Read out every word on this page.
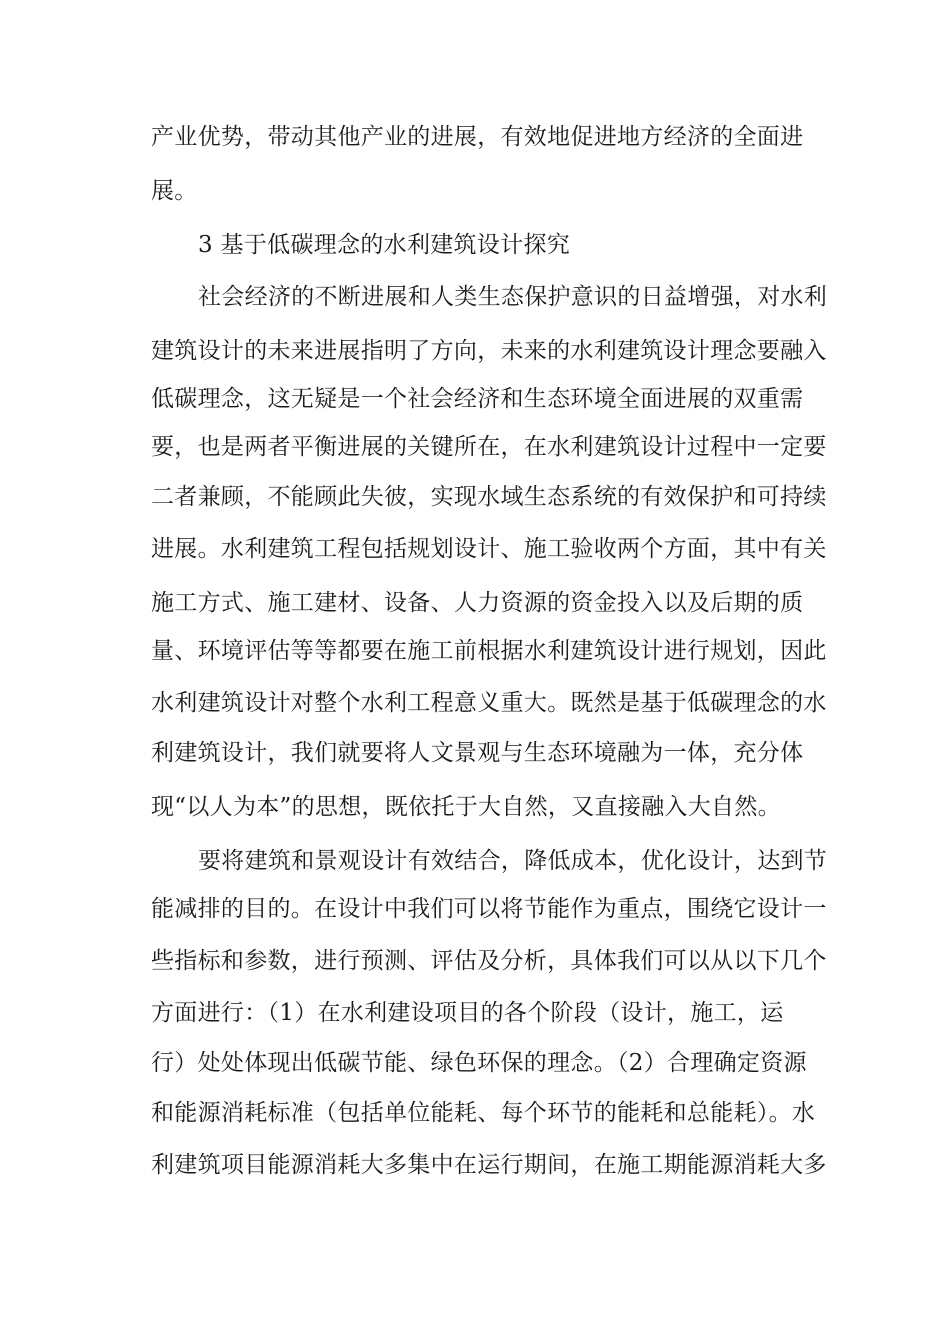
产业优势，带动其他产业的进展，有效地促进地方经济的全面进
展。
3 基于低碳理念的水利建筑设计探究
社会经济的不断进展和人类生态保护意识的日益增强，对水利
建筑设计的未来进展指明了方向，未来的水利建筑设计理念要融入
低碳理念，这无疑是一个社会经济和生态环境全面进展的双重需
要，也是两者平衡进展的关键所在，在水利建筑设计过程中一定要
二者兼顾，不能顾此失彼，实现水域生态系统的有效保护和可持续
进展。水利建筑工程包括规划设计、施工验收两个方面，其中有关
施工方式、施工建材、设备、人力资源的资金投入以及后期的质
量、环境评估等等都要在施工前根据水利建筑设计进行规划，因此
水利建筑设计对整个水利工程意义重大。既然是基于低碳理念的水
利建筑设计，我们就要将人文景观与生态环境融为一体，充分体
现“以人为本”的思想，既依托于大自然，又直接融入大自然。
要将建筑和景观设计有效结合，降低成本，优化设计，达到节
能减排的目的。在设计中我们可以将节能作为重点，围绕它设计一
些指标和参数，进行预测、评估及分析，具体我们可以从以下几个
方面进行：（1）在水利建设项目的各个阶段（设计，施工，运
行）处处体现出低碳节能、绿色环保的理念。（2）合理确定资源
和能源消耗标准（包括单位能耗、每个环节的能耗和总能耗）。水
利建筑项目能源消耗大多集中在运行期间，在施工期能源消耗大多
